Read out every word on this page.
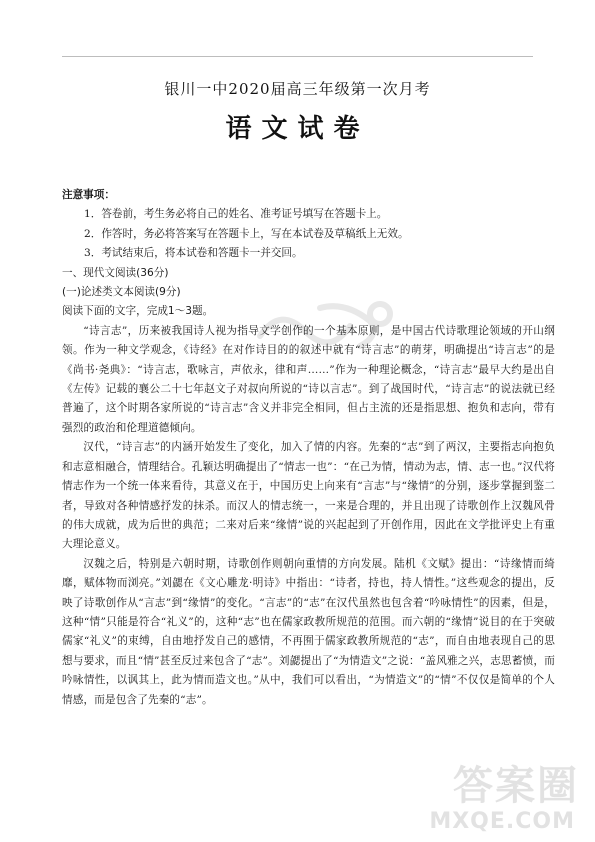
银川一中2020届高三年级第一次月考
语文试卷

注意事项：

1．答卷前，考生务必将自己的姓名、准考证号填写在答题卡上。

2．作答时，务必将答案写在答题卡上，写在本试卷及草稿纸上无效。

3．考试结束后，将本试卷和答题卡一并交回。

一、现代文阅读(36分)

(一)论述类文本阅读(9分)

阅读下面的文字，完成1～3题。

“诗言志”，历来被我国诗人视为指导文学创作的一个基本原则，是中国古代诗歌理论领域的开山纲领。作为一种文学观念，《诗经》在对作诗目的的叙述中就有“诗言志”的萌芽，明确提出“诗言志”的是《尚书·尧典》：“诗言志，歌咏言，声依永，律和声……”作为一种理论概念，“诗言志”最早大约是出自《左传》记载的襄公二十七年赵文子对叔向所说的“诗以言志”。到了战国时代，“诗言志”的说法就已经普遍了，这个时期各家所说的“诗言志”含义并非完全相同，但占主流的还是指思想、抱负和志向，带有强烈的政治和伦理道德倾向。

汉代，“诗言志”的内涵开始发生了变化，加入了情的内容。先秦的“志”到了两汉，主要指志向抱负和志意相融合，情理结合。孔颖达明确提出了“情志一也”：“在己为情，情动为志，情、志一也。”汉代将情志作为一个统一体来看待，其意义在于，中国历史上向来有“言志”与“缘情”的分别，逐步掌握到鉴二者，导致对各种情感抒发的抹杀。而汉人的情志统一，一来是合理的，并且出现了诗歌创作上汉魏风骨的伟大成就，成为后世的典范；二来对后来“缘情”说的兴起起到了开创作用，因此在文学批评史上有重大理论意义。

汉魏之后，特别是六朝时期，诗歌创作则朝向重情的方向发展。陆机《文赋》提出：“诗缘情而绮靡，赋体物而浏亮。”刘勰在《文心雕龙·明诗》中指出：“诗者，持也，持人情性。”这些观念的提出，反映了诗歌创作从“言志”到“缘情”的变化。“言志”的“志”在汉代虽然也包含着“吟咏情性”的因素，但是，这种“情”只能是符合“礼义”的，这种“志”也在儒家政教所规范的范围。而六朝的“缘情”说目的在于突破儒家“礼义”的束缚，自由地抒发自己的感情，不再囿于儒家政教所规范的“志”，而自由地表现自己的思想与要求，而且“情”甚至反过来包含了“志”。刘勰提出了“为情造文”之说：“盖风雅之兴，志思蓄愤，而吟咏情性，以讽其上，此为情而造文也。”从中，我们可以看出，“为情造文”的“情”不仅仅是简单的个人情感，而是包含了先秦的“志”。

答案圈
MXQE.COM
